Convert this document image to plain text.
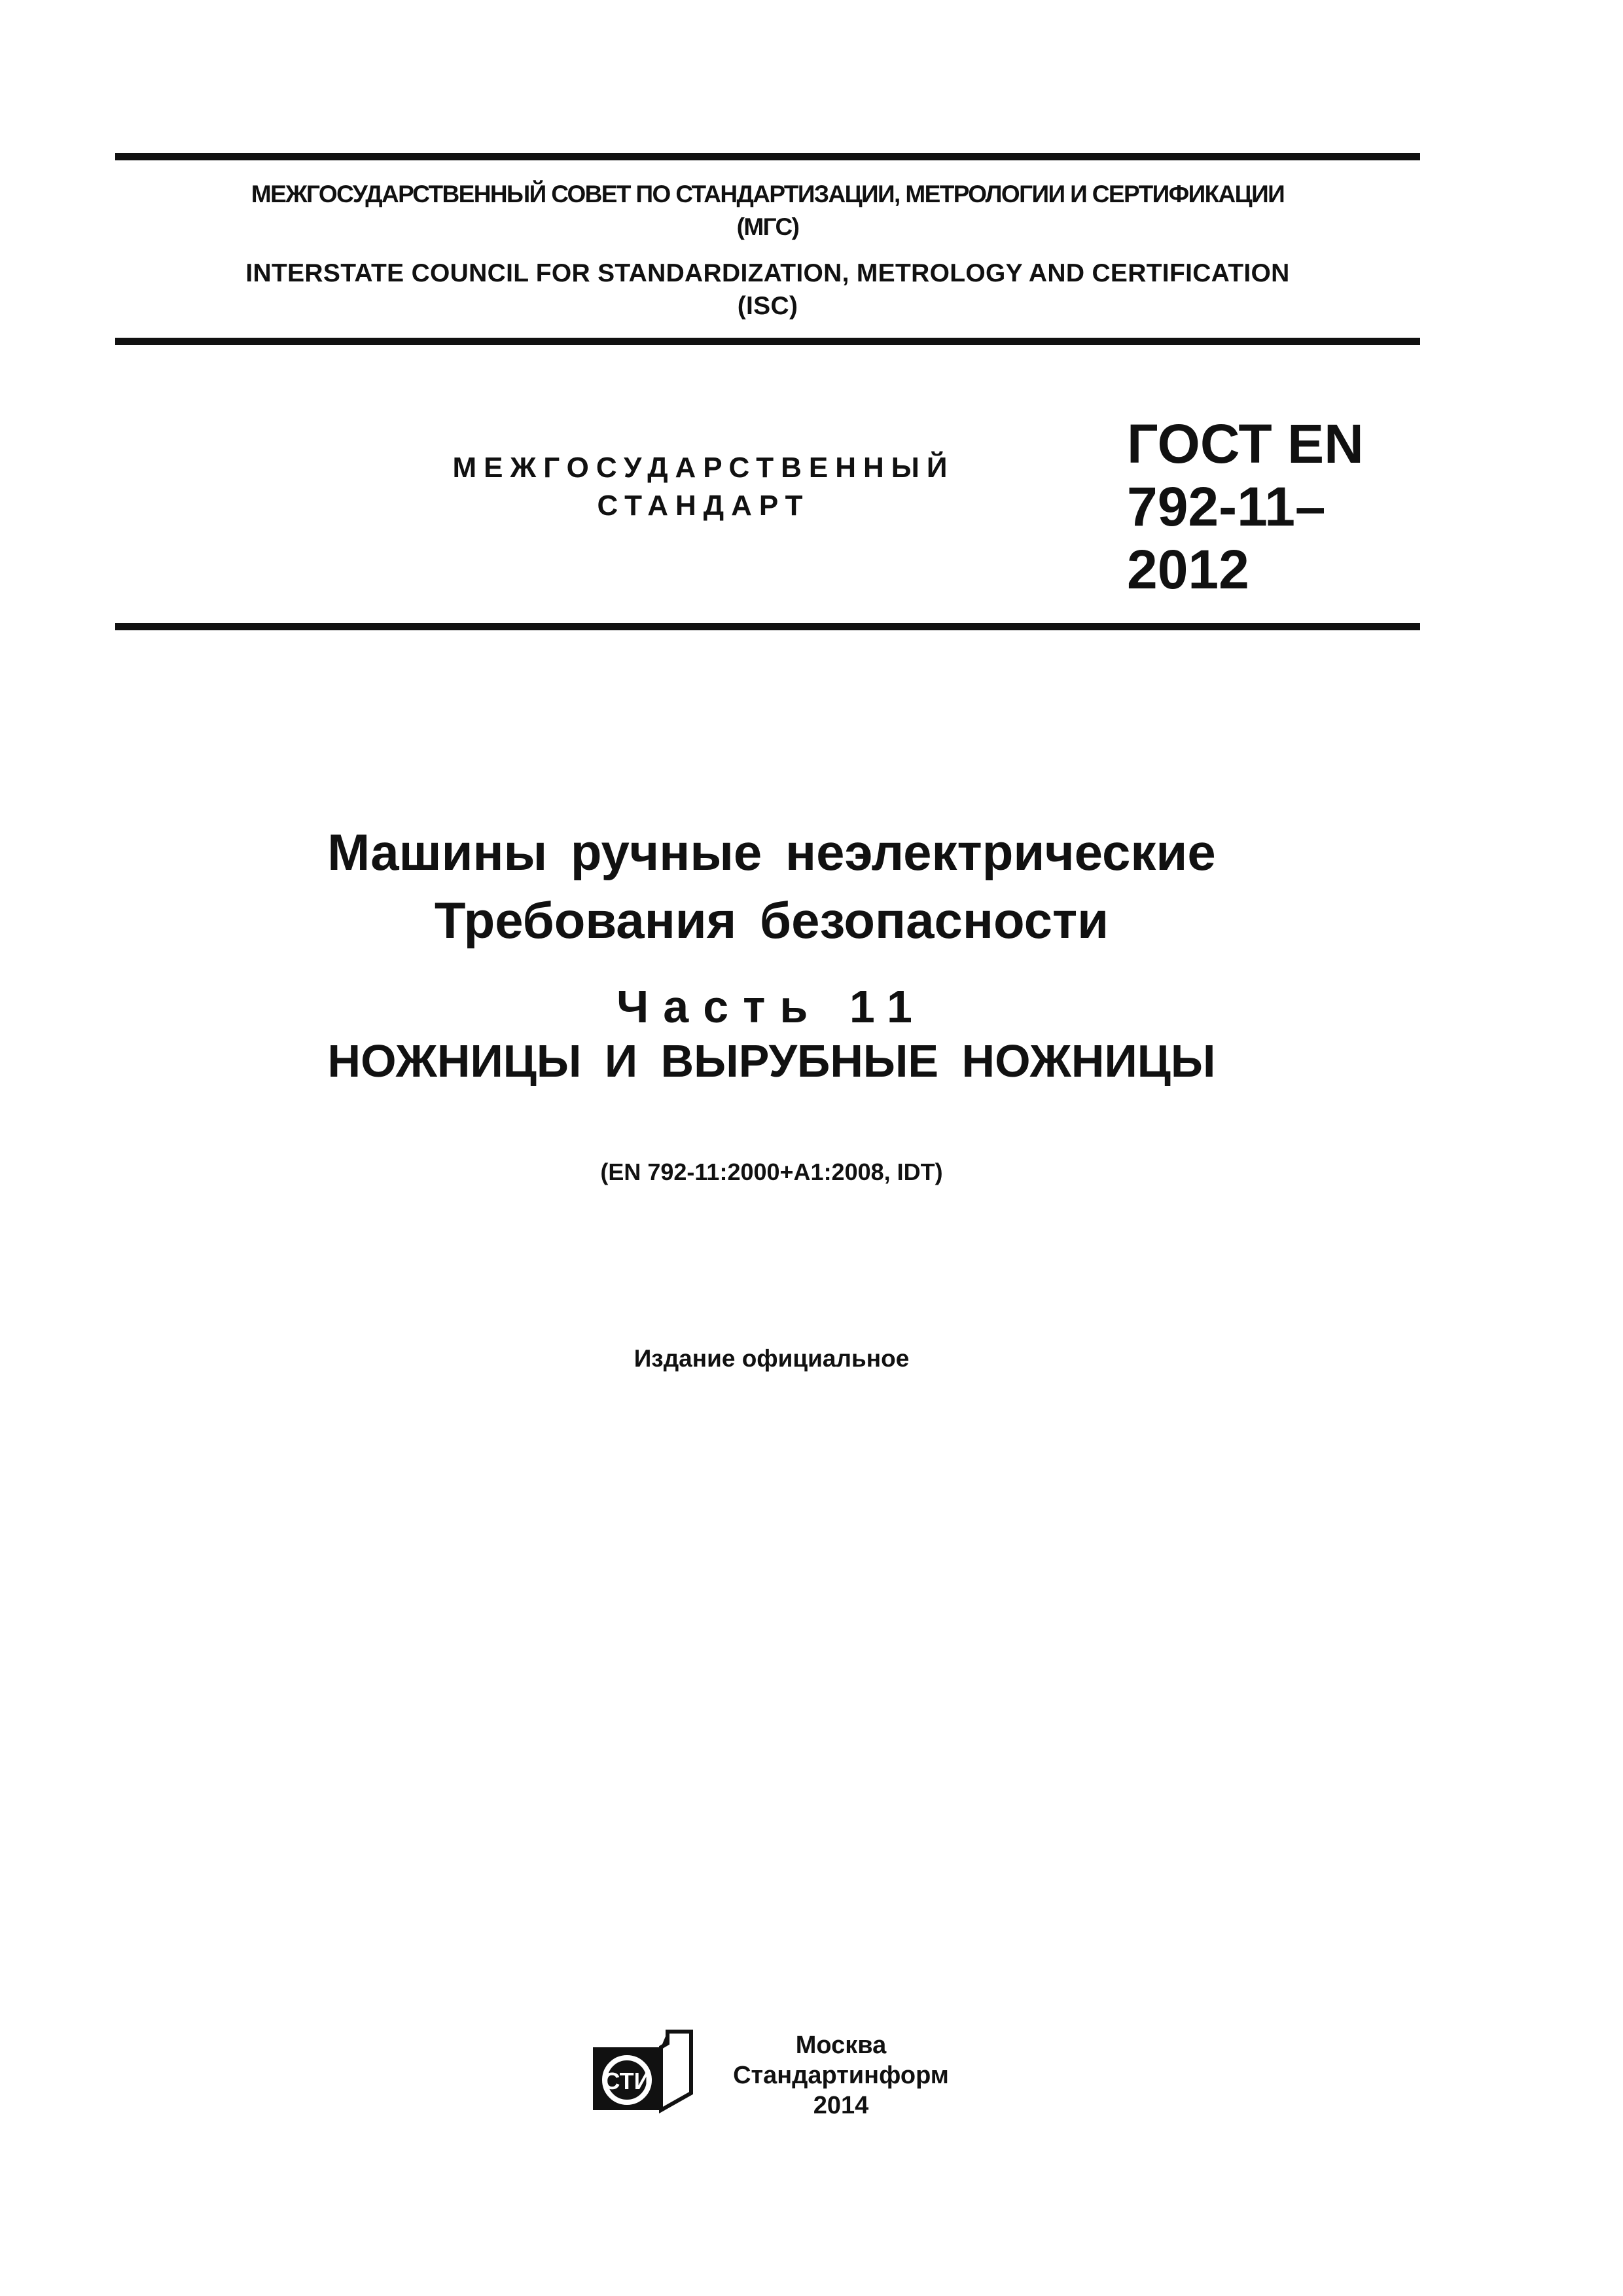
МЕЖГОСУДАРСТВЕННЫЙ СОВЕТ ПО СТАНДАРТИЗАЦИИ, МЕТРОЛОГИИ И СЕРТИФИКАЦИИ
(МГС)
INTERSTATE COUNCIL FOR STANDARDIZATION, METROLOGY AND CERTIFICATION
(ISC)
МЕЖГОСУДАРСТВЕННЫЙ
СТАНДАРТ
ГОСТ EN
792-11–
2012
Машины ручные неэлектрические
Требования безопасности
Часть 11
НОЖНИЦЫ И ВЫРУБНЫЕ НОЖНИЦЫ
(EN 792-11:2000+A1:2008, IDT)
Издание официальное
СТИ
Москва
Стандартинформ
2014
